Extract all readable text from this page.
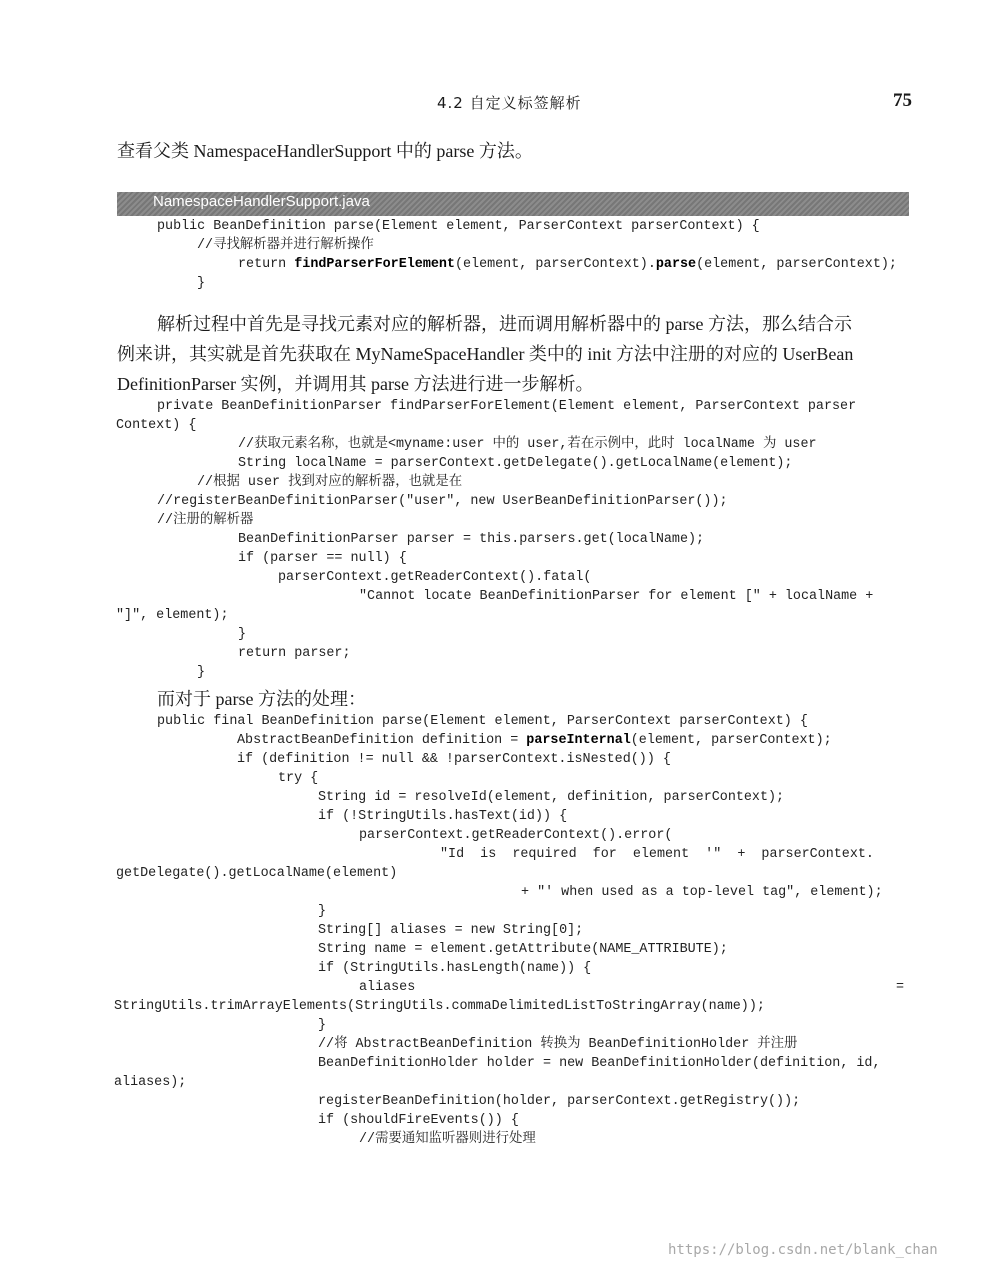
4.2 自定义标签解析	75

查看父类 NamespaceHandlerSupport 中的 parse 方法。

NamespaceHandlerSupport.java
public BeanDefinition parse(Element element, ParserContext parserContext) {
//寻找解析器并进行解析操作
return findParserForElement(element, parserContext).parse(element, parserContext);
}

解析过程中首先是寻找元素对应的解析器，进而调用解析器中的 parse 方法，那么结合示

例来讲，其实就是首先获取在 MyNameSpaceHandler 类中的 init 方法中注册的对应的 UserBean

DefinitionParser 实例，并调用其 parse 方法进行进一步解析。

private BeanDefinitionParser findParserForElement(Element element, ParserContext parser
Context) {
//获取元素名称，也就是<myname:user 中的 user,若在示例中，此时 localName 为 user
String localName = parserContext.getDelegate().getLocalName(element);
//根据 user 找到对应的解析器，也就是在
//registerBeanDefinitionParser("user", new UserBeanDefinitionParser());
//注册的解析器
BeanDefinitionParser parser = this.parsers.get(localName);
if (parser == null) {
parserContext.getReaderContext().fatal(
"Cannot locate BeanDefinitionParser for element [" + localName +
"]", element);
}
return parser;
}

而对于 parse 方法的处理：

public final BeanDefinition parse(Element element, ParserContext parserContext) {
AbstractBeanDefinition definition = parseInternal(element, parserContext);
if (definition != null && !parserContext.isNested()) {
try {
String id = resolveId(element, definition, parserContext);
if (!StringUtils.hasText(id)) {
parserContext.getReaderContext().error(
"Id  is  required  for  element  '"  +  parserContext.
getDelegate().getLocalName(element)
+ "' when used as a top-level tag", element);
}
String[] aliases = new String[0];
String name = element.getAttribute(NAME_ATTRIBUTE);
if (StringUtils.hasLength(name)) {
aliases	=
StringUtils.trimArrayElements(StringUtils.commaDelimitedListToStringArray(name));
}
//将 AbstractBeanDefinition 转换为 BeanDefinitionHolder 并注册
BeanDefinitionHolder holder = new BeanDefinitionHolder(definition, id,
aliases);
registerBeanDefinition(holder, parserContext.getRegistry());
if (shouldFireEvents()) {
//需要通知监听器则进行处理
https://blog.csdn.net/blank_chan
